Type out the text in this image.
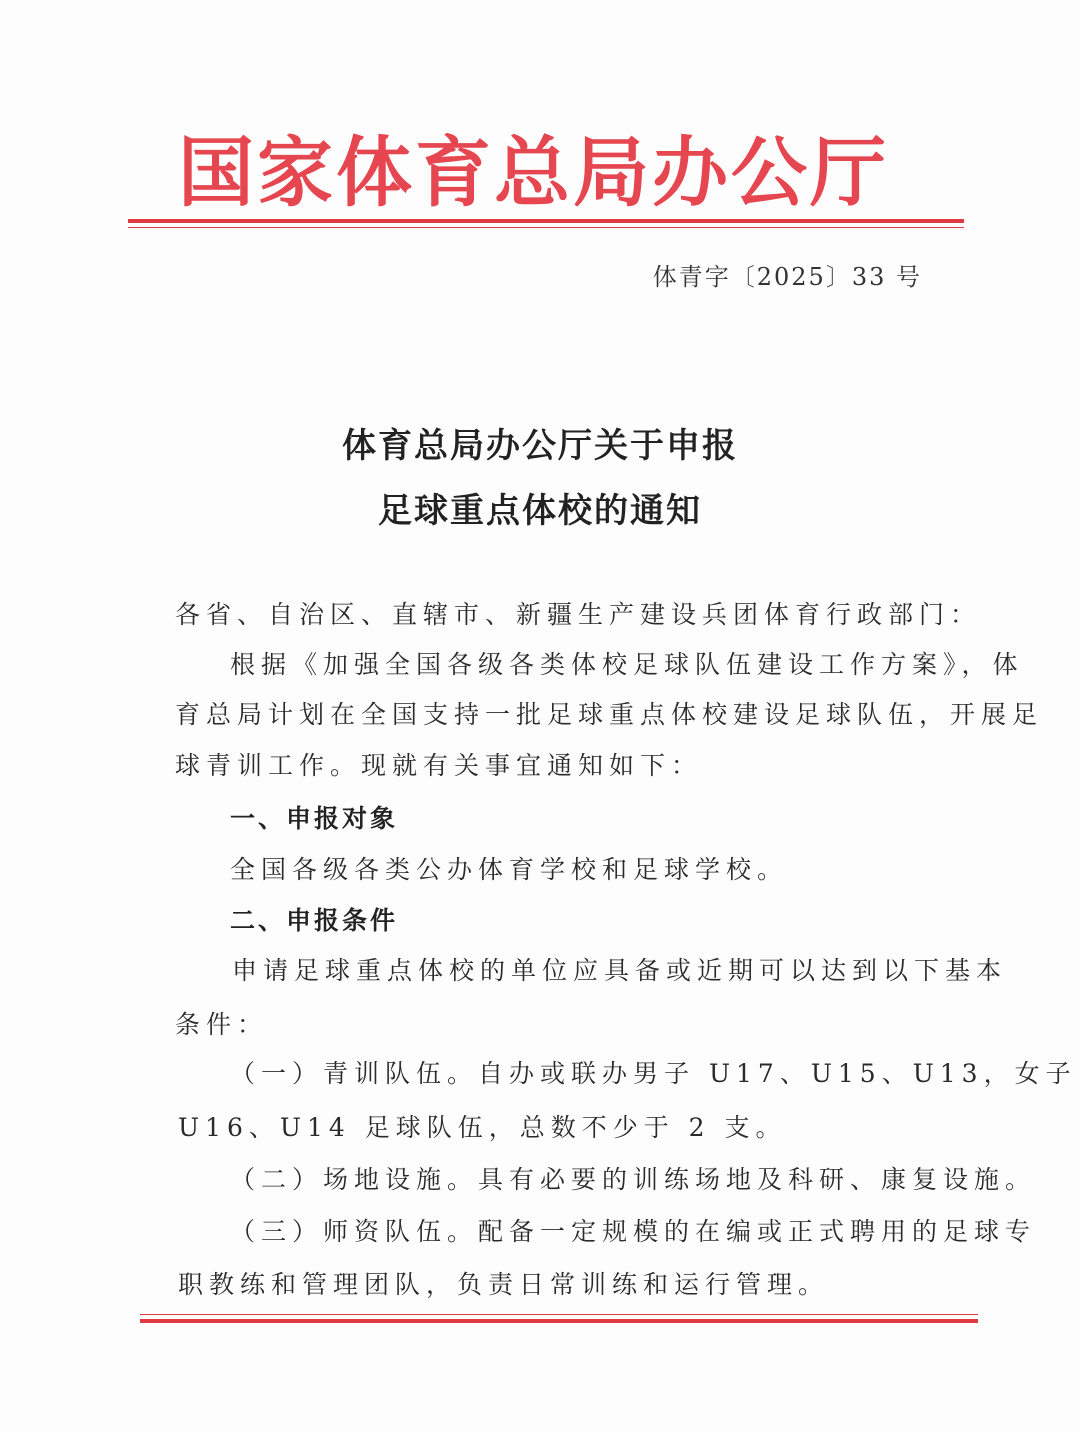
国家体育总局办公厅
体青字〔2025〕33 号
体育总局办公厅关于申报
足球重点体校的通知
各省、自治区、直辖市、新疆生产建设兵团体育行政部门：
根据《加强全国各级各类体校足球队伍建设工作方案》，体
育总局计划在全国支持一批足球重点体校建设足球队伍，开展足
球青训工作。现就有关事宜通知如下：
一、申报对象
全国各级各类公办体育学校和足球学校。
二、申报条件
申请足球重点体校的单位应具备或近期可以达到以下基本
条件：
（一）青训队伍。自办或联办男子 U17、U15、U13，女子
U16、U14 足球队伍，总数不少于 2 支。
（二）场地设施。具有必要的训练场地及科研、康复设施。
（三）师资队伍。配备一定规模的在编或正式聘用的足球专
职教练和管理团队，负责日常训练和运行管理。
